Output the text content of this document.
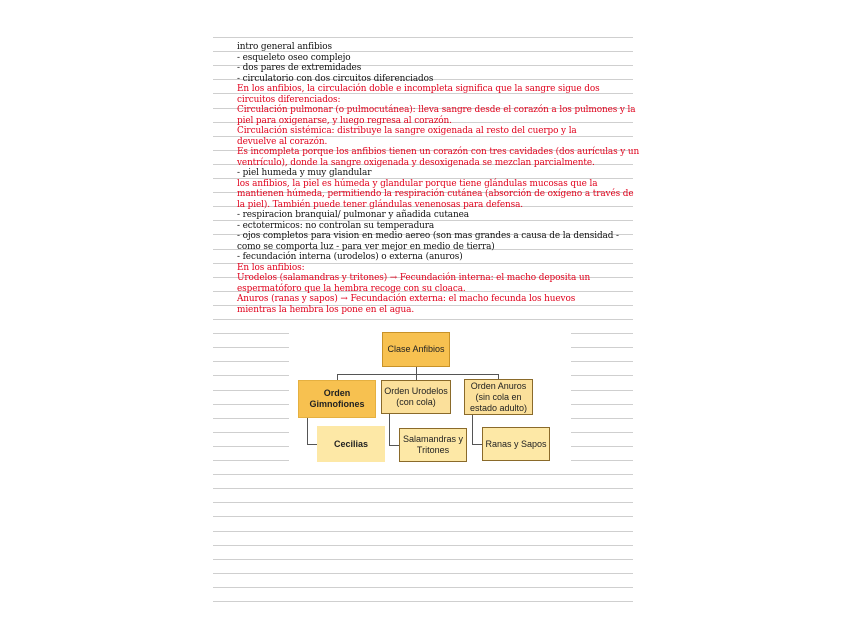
intro general anfibios
- esqueleto oseo complejo
- dos pares de extremidades
- circulatorio con dos circuitos diferenciados
En los anfibios, la circulación doble e incompleta significa que la sangre sigue dos
circuitos diferenciados:
Circulación pulmonar (o pulmocutánea): lleva sangre desde el corazón a los pulmones y la
piel para oxigenarse, y luego regresa al corazón.
Circulación sistémica: distribuye la sangre oxigenada al resto del cuerpo y la
devuelve al corazón.
Es incompleta porque los anfibios tienen un corazón con tres cavidades (dos aurículas y un
ventrículo), donde la sangre oxigenada y desoxigenada se mezclan parcialmente.
- piel humeda y muy glandular
los anfibios, la piel es húmeda y glandular porque tiene glándulas mucosas que la
mantienen húmeda, permitiendo la respiración cutánea (absorción de oxígeno a través de
la piel). También puede tener glándulas venenosas para defensa.
- respiracion branquial/ pulmonar y añadida cutanea
- ectotermicos: no controlan su temperadura
- ojos completos para vision en medio aereo (son mas grandes a causa de la densidad -
como se comporta luz - para ver mejor en medio de tierra)
- fecundación interna (urodelos) o externa (anuros)
En los anfibios:
Urodelos (salamandras y tritones) → Fecundación interna: el macho deposita un
espermatóforo que la hembra recoge con su cloaca.
Anuros (ranas y sapos) → Fecundación externa: el macho fecunda los huevos
mientras la hembra los pone en el agua.
Clase Anfibios
Orden
Gimnofiones
Orden Urodelos
(con cola)
Orden Anuros
(sin cola en
estado adulto)
Cecilias	Salamandras y
Tritones
Ranas y Sapos
